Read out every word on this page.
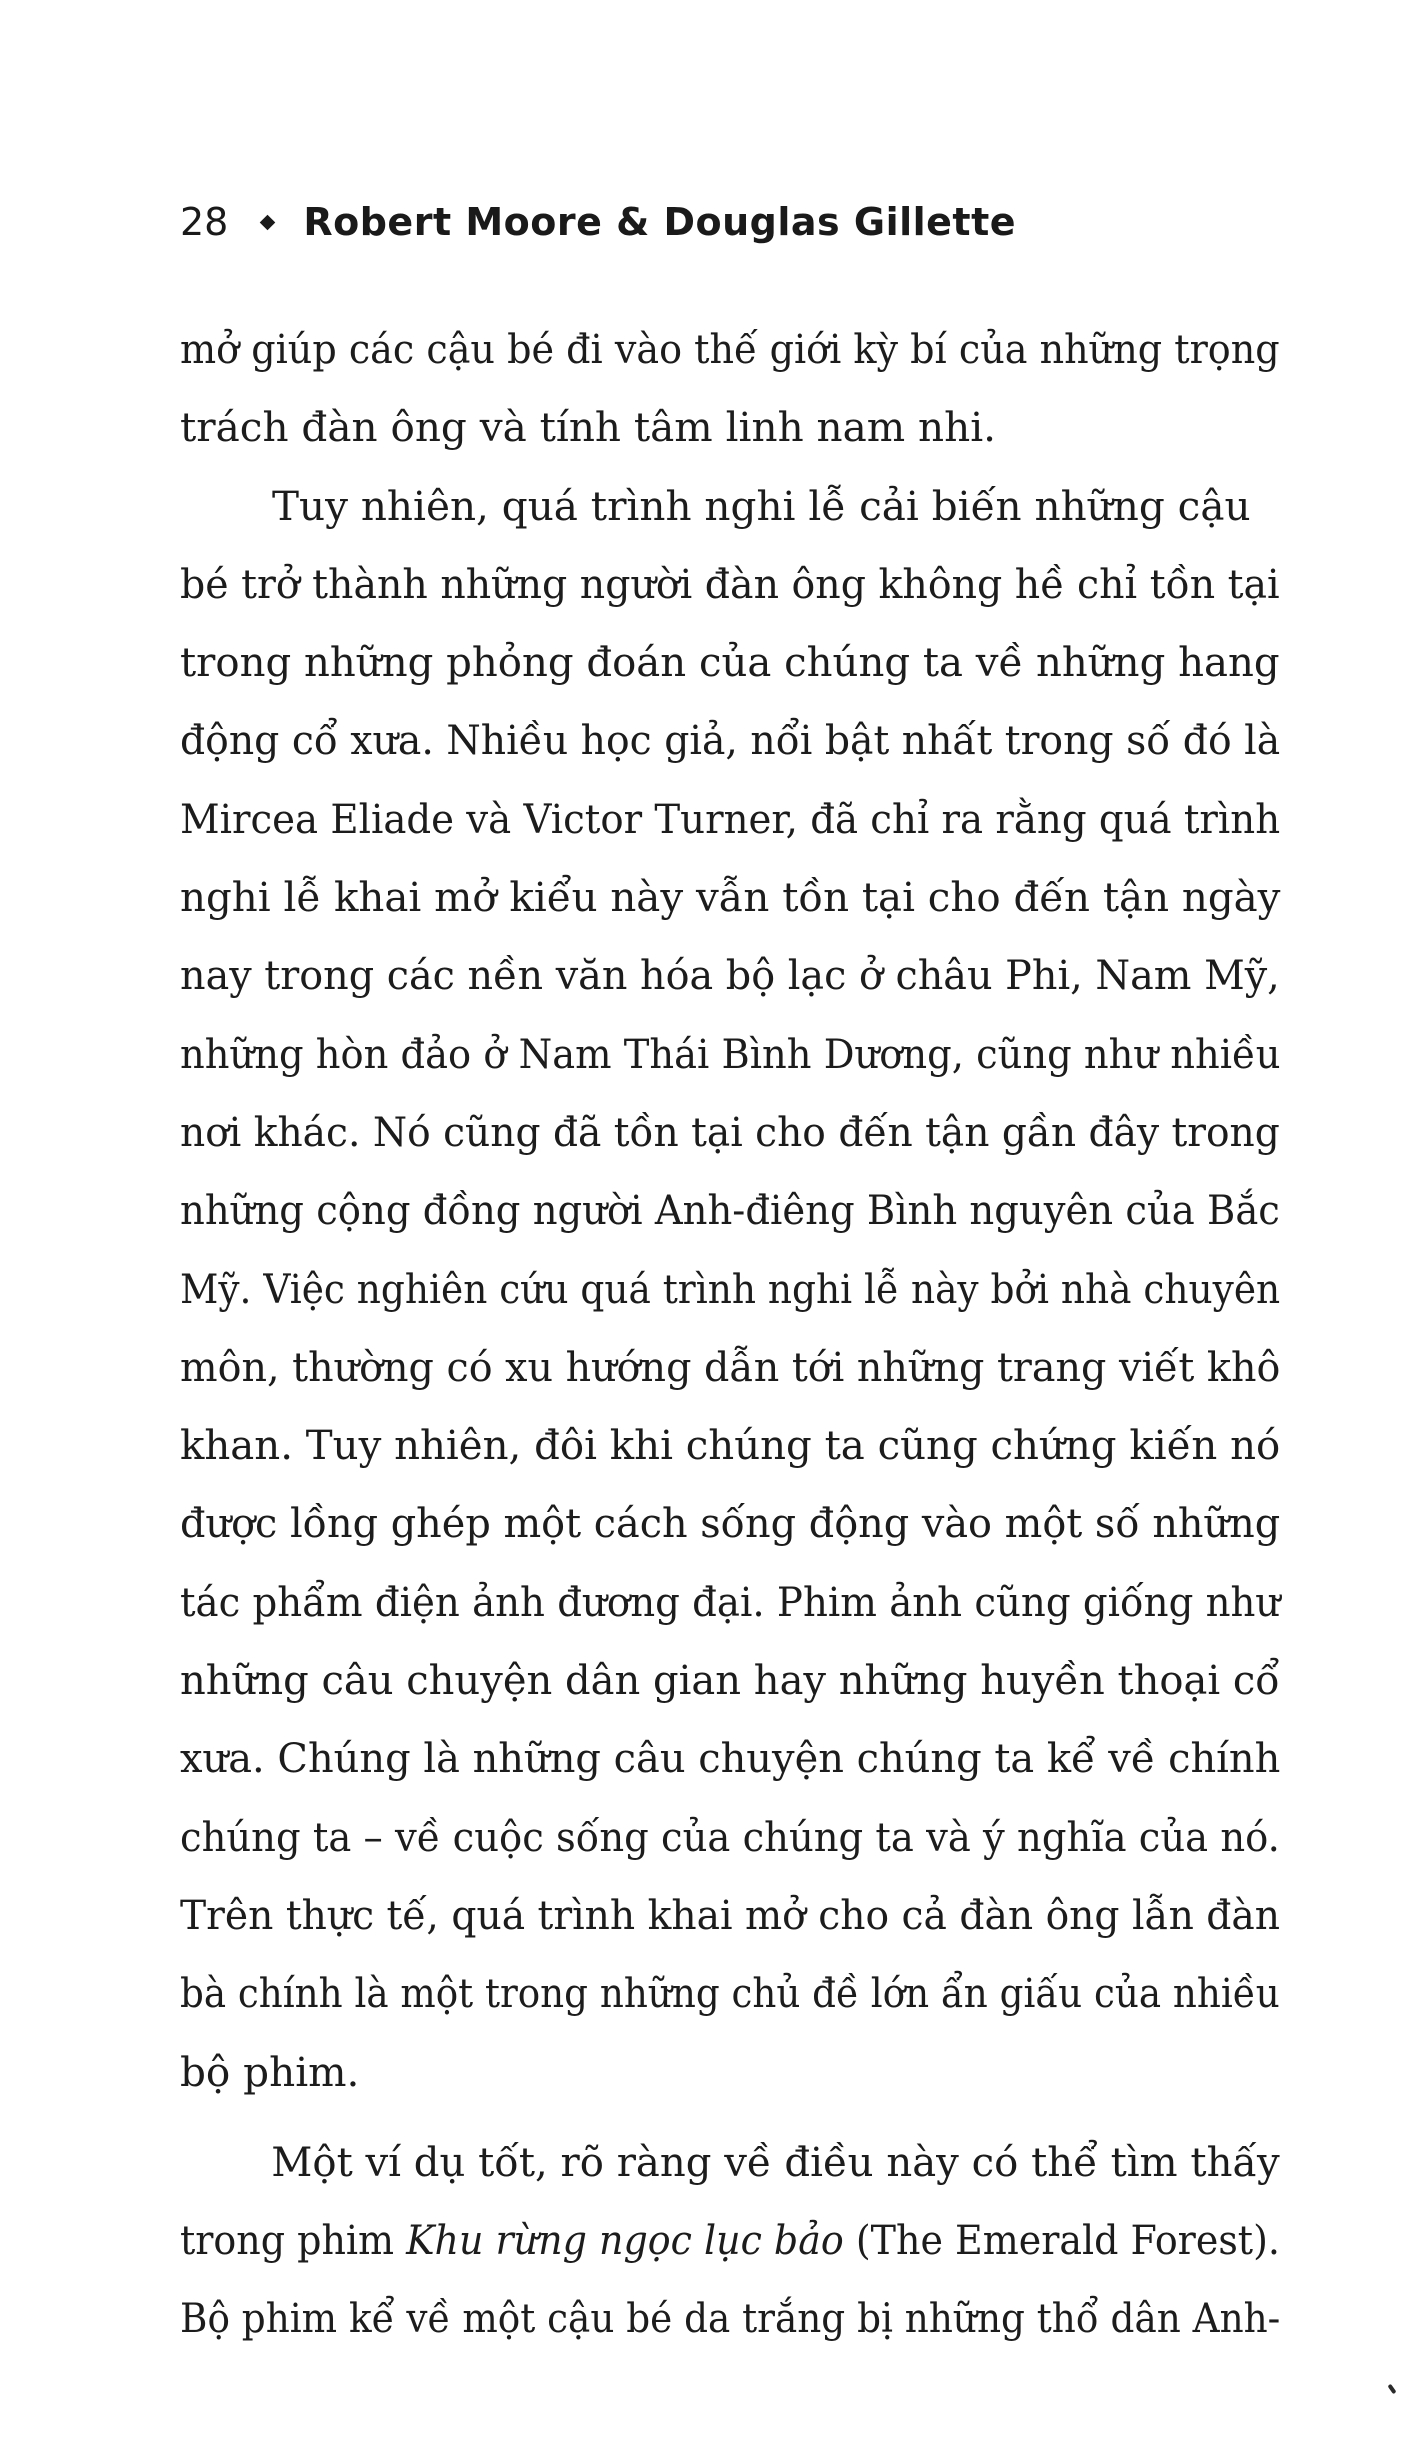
28 Robert Moore & Douglas Gillette
mở giúp các cậu bé đi vào thế giới kỳ bí của những trọng
trách đàn ông và tính tâm linh nam nhi.
Tuy nhiên, quá trình nghi lễ cải biến những cậu
bé trở thành những người đàn ông không hề chỉ tồn tại
trong những phỏng đoán của chúng ta về những hang
động cổ xưa. Nhiều học giả, nổi bật nhất trong số đó là
Mircea Eliade và Victor Turner, đã chỉ ra rằng quá trình
nghi lễ khai mở kiểu này vẫn tồn tại cho đến tận ngày
nay trong các nền văn hóa bộ lạc ở châu Phi, Nam Mỹ,
những hòn đảo ở Nam Thái Bình Dương, cũng như nhiều
nơi khác. Nó cũng đã tồn tại cho đến tận gần đây trong
những cộng đồng người Anh-điêng Bình nguyên của Bắc
Mỹ. Việc nghiên cứu quá trình nghi lễ này bởi nhà chuyên
môn, thường có xu hướng dẫn tới những trang viết khô
khan. Tuy nhiên, đôi khi chúng ta cũng chứng kiến nó
được lồng ghép một cách sống động vào một số những
tác phẩm điện ảnh đương đại. Phim ảnh cũng giống như
những câu chuyện dân gian hay những huyền thoại cổ
xưa. Chúng là những câu chuyện chúng ta kể về chính
chúng ta – về cuộc sống của chúng ta và ý nghĩa của nó.
Trên thực tế, quá trình khai mở cho cả đàn ông lẫn đàn
bà chính là một trong những chủ đề lớn ẩn giấu của nhiều
bộ phim.
Một ví dụ tốt, rõ ràng về điều này có thể tìm thấy
trong phim Khu rừng ngọc lục bảo (The Emerald Forest).
Bộ phim kể về một cậu bé da trắng bị những thổ dân Anh-
